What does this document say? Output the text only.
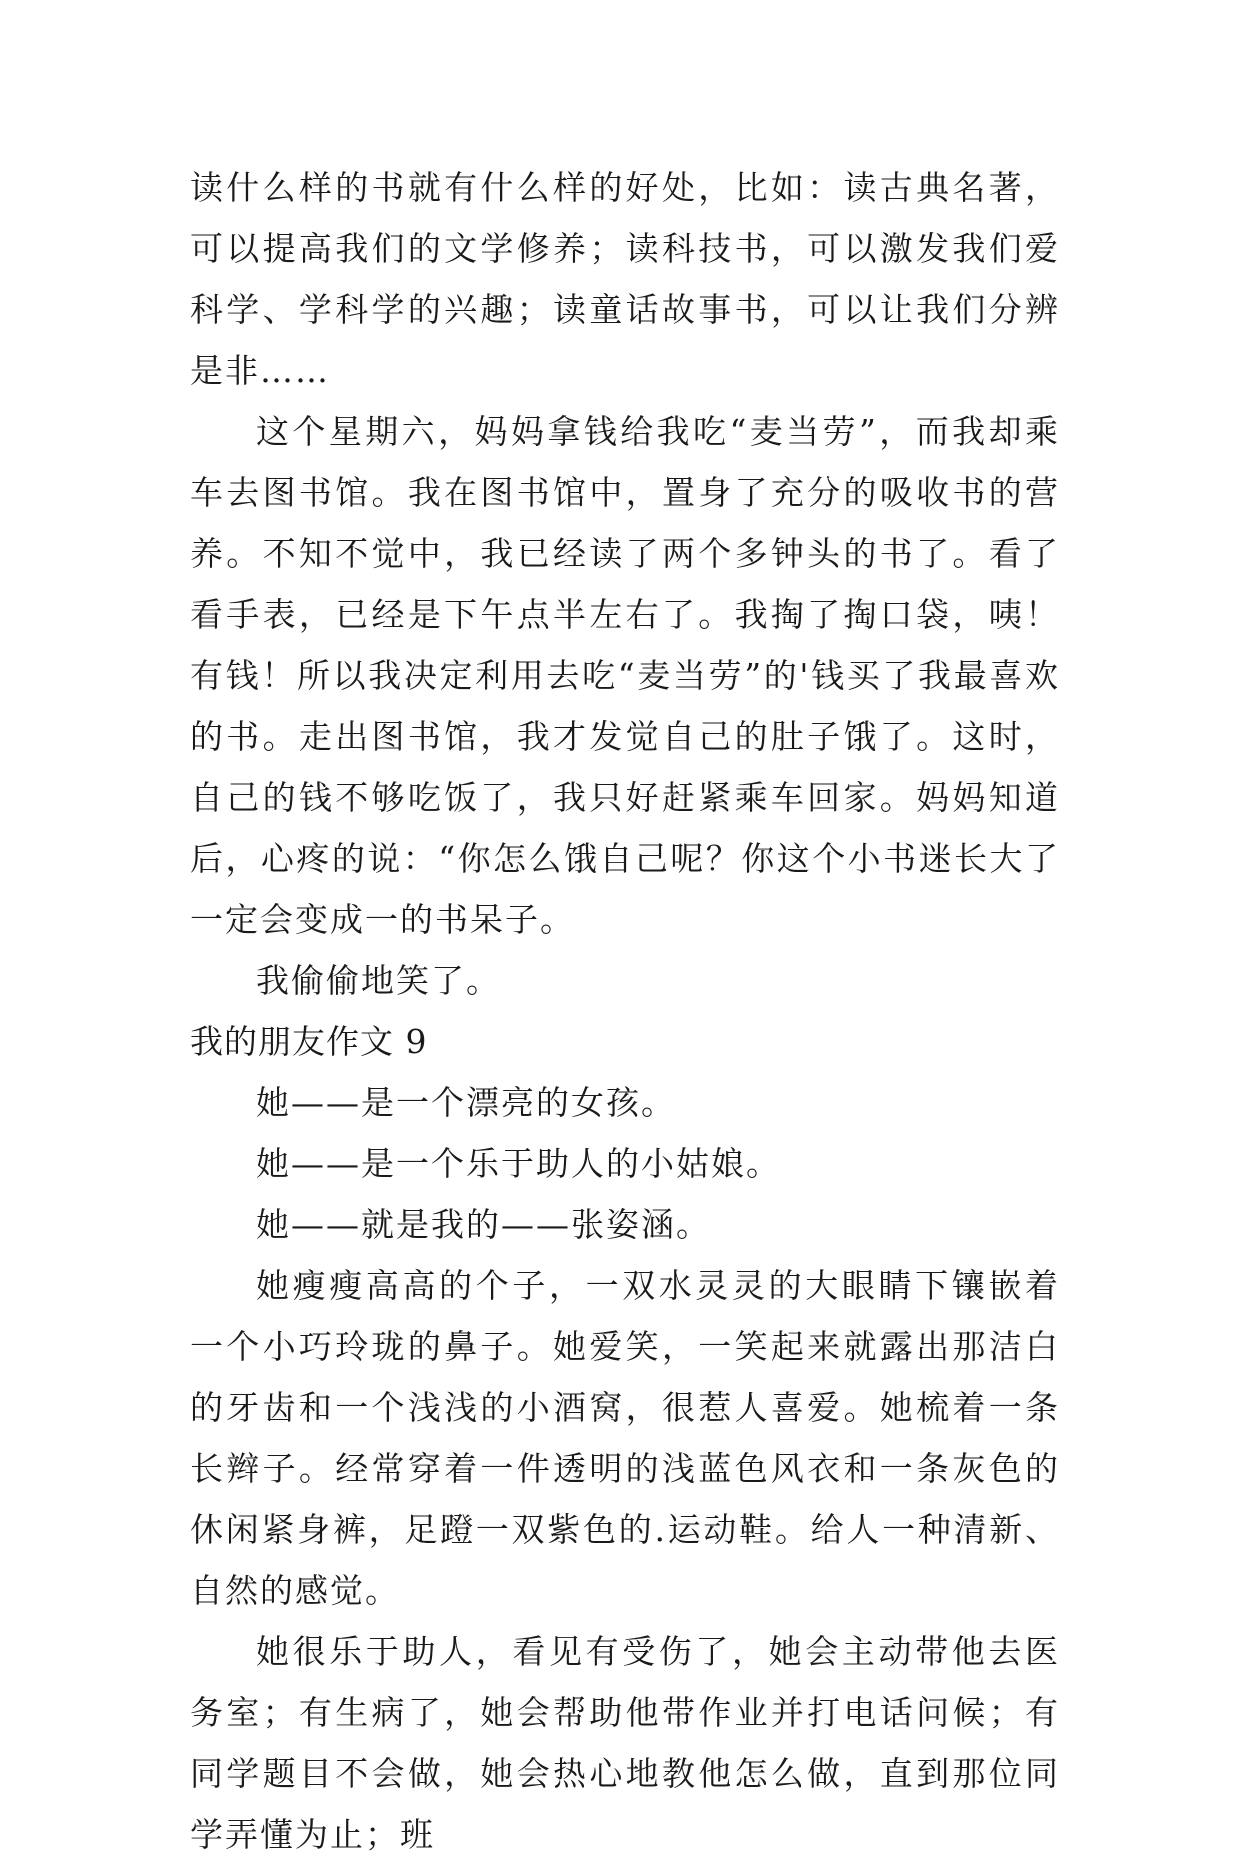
读什么样的书就有什么样的好处，比如：读古典名著，可以提高我们的文学修养；读科技书，可以激发我们爱科学、学科学的兴趣；读童话故事书，可以让我们分辨是非……

这个星期六，妈妈拿钱给我吃“麦当劳”，而我却乘车去图书馆。我在图书馆中，置身了充分的吸收书的营养。不知不觉中，我已经读了两个多钟头的书了。看了看手表，已经是下午点半左右了。我掏了掏口袋，咦！有钱！所以我决定利用去吃“麦当劳”的'钱买了我最喜欢的书。走出图书馆，我才发觉自己的肚子饿了。这时，自己的钱不够吃饭了，我只好赶紧乘车回家。妈妈知道后，心疼的说：“你怎么饿自己呢？你这个小书迷长大了一定会变成一的书呆子。

我偷偷地笑了。

我的朋友作文 9

她——是一个漂亮的女孩。

她——是一个乐于助人的小姑娘。

她——就是我的——张姿涵。

她瘦瘦高高的个子，一双水灵灵的大眼睛下镶嵌着一个小巧玲珑的鼻子。她爱笑，一笑起来就露出那洁白的牙齿和一个浅浅的小酒窝，很惹人喜爱。她梳着一条长辫子。经常穿着一件透明的浅蓝色风衣和一条灰色的休闲紧身裤，足蹬一双紫色的.运动鞋。给人一种清新、自然的感觉。

她很乐于助人，看见有受伤了，她会主动带他去医务室；有生病了，她会帮助他带作业并打电话问候；有同学题目不会做，她会热心地教他怎么做，直到那位同学弄懂为止；班
